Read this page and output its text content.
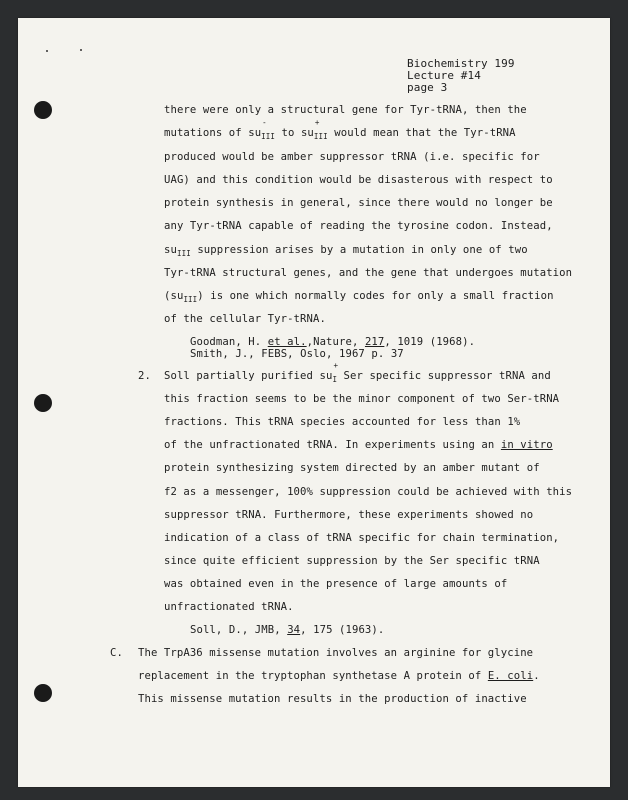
Biochemistry 199
Lecture #14
page 3
there were only a structural gene for Tyr-tRNA, then the
mutations of $su_{III}$
-
to $su_{III}$
+
would mean that the Tyr-tRNA
produced would be amber suppressor tRNA (i.e. specific for
UAG) and this condition would be disasterous with respect to
protein synthesis in general, since there would no longer be
any Tyr-tRNA capable of reading the tyrosine codon. Instead,
$su_{III}$ suppression arises by a mutation in only one of two
Tyr-tRNA structural genes, and the gene that undergoes mutation
$(su_{III})$ is one which normally codes for only a small fraction
of the cellular Tyr-tRNA.
Goodman, H. et al.,Nature, 217, 1019 (1968).
Smith, J., FEBS, Oslo, 1967 p. 37
2. Soll partially purified $su_I$
+
Ser specific suppressor tRNA and
this fraction seems to be the minor component of two Ser-tRNA
fractions. This tRNA species accounted for less than 1%
of the unfractionated tRNA. In experiments using an in vitro
protein synthesizing system directed by an amber mutant of
f2 as a messenger, 100% suppression could be achieved with this
suppressor tRNA. Furthermore, these experiments showed no
indication of a class of tRNA specific for chain termination,
since quite efficient suppression by the Ser specific tRNA
was obtained even in the presence of large amounts of
unfractionated tRNA.
Soll, D., JMB, 34, 175 (1963).
C. The TrpA36 missense mutation involves an arginine for glycine
replacement in the tryptophan synthetase A protein of E. coli.
This missense mutation results in the production of inactive
